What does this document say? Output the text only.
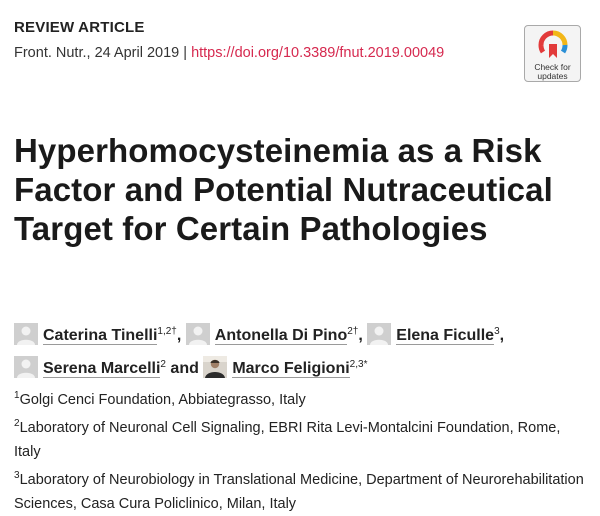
REVIEW ARTICLE
Front. Nutr., 24 April 2019 | https://doi.org/10.3389/fnut.2019.00049
Check for
updates
Hyperhomocysteinemia as a Risk Factor and Potential Nutraceutical Target for Certain Pathologies
Caterina Tinelli$^{1,2\dagger}$, Antonella Di Pino$^{2\dagger}$, Elena Ficulle$^3$,

Serena Marcelli$^2$ and Marco Feligioni$^{2,3*}$
$^1$Golgi Cenci Foundation, Abbiategrasso, Italy
$^2$Laboratory of Neuronal Cell Signaling, EBRI Rita Levi-Montalcini Foundation, Rome, Italy
$^3$Laboratory of Neurobiology in Translational Medicine, Department of Neurorehabilitation Sciences, Casa Cura Policlinico, Milan, Italy
